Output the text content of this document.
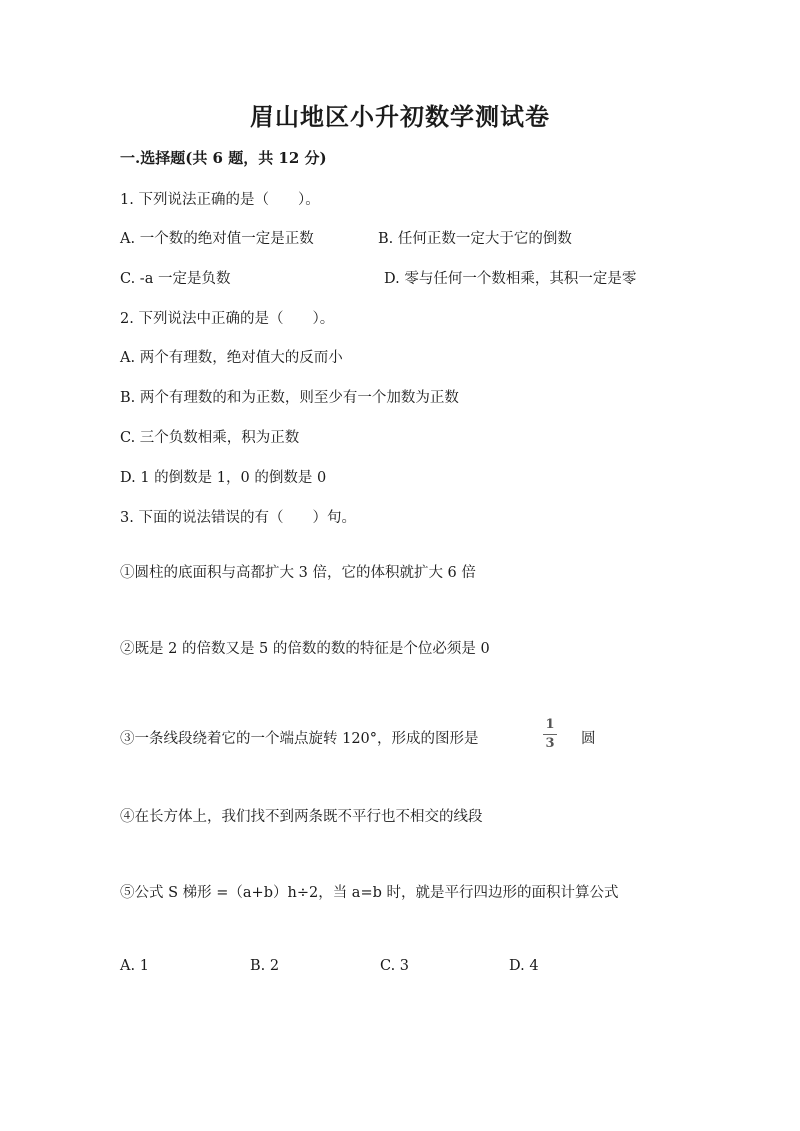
眉山地区小升初数学测试卷
一.选择题(共 6 题，共 12 分)
1. 下列说法正确的是（　　）。
A. 一个数的绝对值一定是正数	B. 任何正数一定大于它的倒数
C. -a 一定是负数	D. 零与任何一个数相乘，其积一定是零
2. 下列说法中正确的是（　　）。
A. 两个有理数，绝对值大的反而小
B. 两个有理数的和为正数，则至少有一个加数为正数
C. 三个负数相乘，积为正数
D. 1 的倒数是 1，0 的倒数是 0
3. 下面的说法错误的有（　　）句。
①圆柱的底面积与高都扩大 3 倍，它的体积就扩大 6 倍
②既是 2 的倍数又是 5 的倍数的数的特征是个位必须是 0
③一条线段绕着它的一个端点旋转 120°，形成的图形是
1
3 圆
④在长方体上，我们找不到两条既不平行也不相交的线段
⑤公式 S 梯形 =（a+b）h÷2，当 a=b 时，就是平行四边形的面积计算公式
A. 1	B. 2	C. 3	D. 4
